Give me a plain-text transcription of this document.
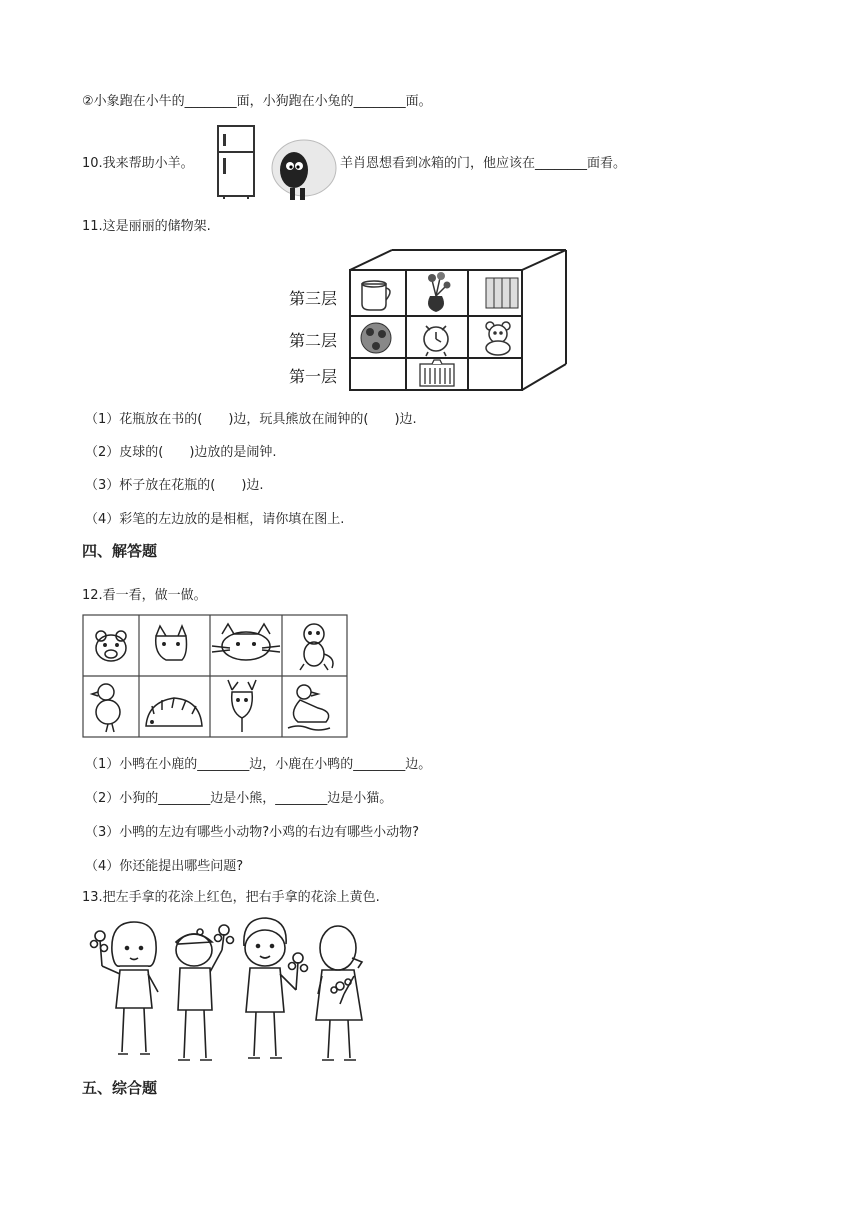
②小象跑在小牛的________面，小狗跑在小兔的________面。
10.我来帮助小羊。	羊肖恩想看到冰箱的门，他应该在________面看。
11.这是丽丽的储物架.
第三层
第二层
第一层
（1）花瓶放在书的(　　)边，玩具熊放在闹钟的(　　)边.
（2）皮球的(　　)边放的是闹钟.
（3）杯子放在花瓶的(　　)边.
（4）彩笔的左边放的是相框，请你填在图上.
四、解答题
12.看一看，做一做。
（1）小鸭在小鹿的________边，小鹿在小鸭的________边。
（2）小狗的________边是小熊，________边是小猫。
（3）小鸭的左边有哪些小动物?小鸡的右边有哪些小动物?
（4）你还能提出哪些问题?
13.把左手拿的花涂上红色，把右手拿的花涂上黄色.
五、综合题
